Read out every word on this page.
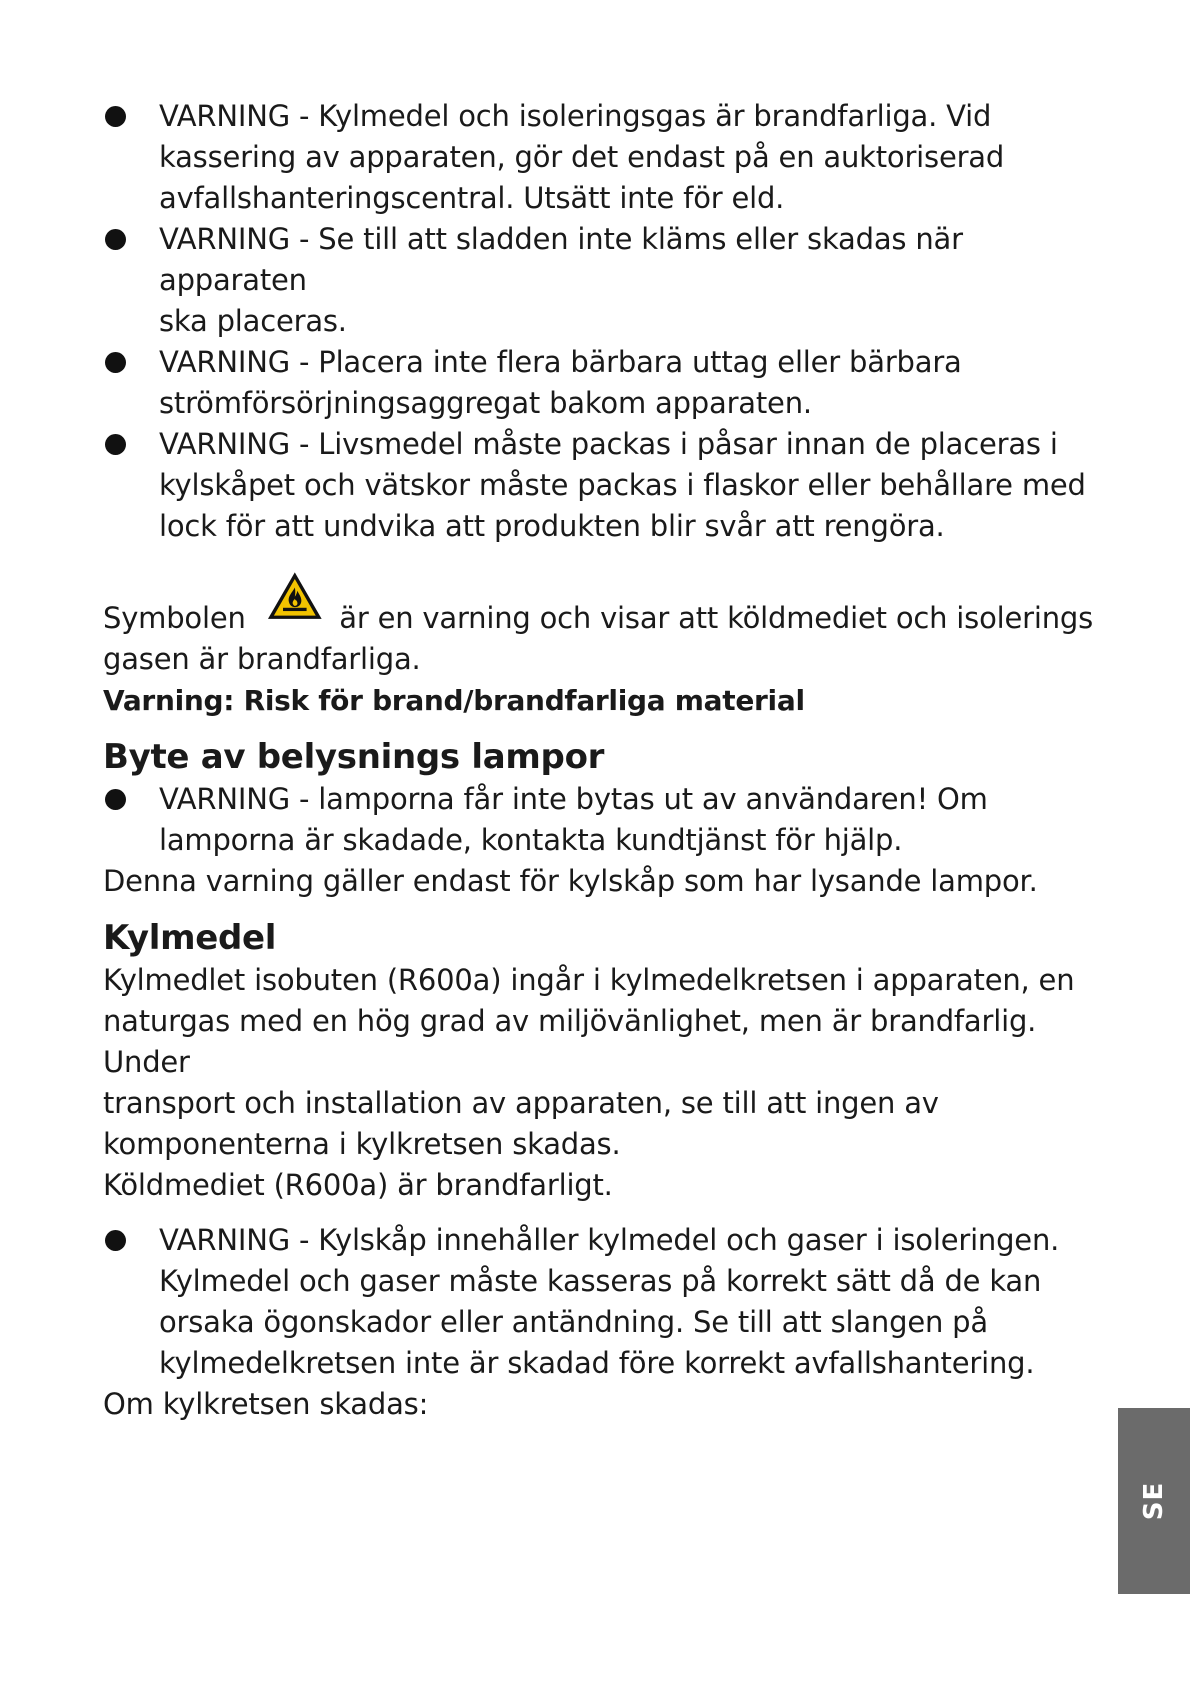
VARNING - Kylmedel och isoleringsgas är brandfarliga. Vid
kassering av apparaten, gör det endast på en auktoriserad
avfallshanteringscentral. Utsätt inte för eld.
VARNING - Se till att sladden inte kläms eller skadas när apparaten
ska placeras.
VARNING - Placera inte flera bärbara uttag eller bärbara
strömförsörjningsaggregat bakom apparaten.
VARNING - Livsmedel måste packas i påsar innan de placeras i
kylskåpet och vätskor måste packas i flaskor eller behållare med
lock för att undvika att produkten blir svår att rengöra.
Symbolen	är en varning och visar att köldmediet och isolerings
gasen är brandfarliga.
Varning: Risk för brand/brandfarliga material
Byte av belysnings lampor
VARNING - lamporna får inte bytas ut av användaren! Om
lamporna är skadade, kontakta kundtjänst för hjälp.
Denna varning gäller endast för kylskåp som har lysande lampor.
Kylmedel
Kylmedlet isobuten (R600a) ingår i kylmedelkretsen i apparaten, en
naturgas med en hög grad av miljövänlighet, men är brandfarlig. Under
transport och installation av apparaten, se till att ingen av
komponenterna i kylkretsen skadas.
Köldmediet (R600a) är brandfarligt.
VARNING - Kylskåp innehåller kylmedel och gaser i isoleringen.
Kylmedel och gaser måste kasseras på korrekt sätt då de kan
orsaka ögonskador eller antändning. Se till att slangen på
kylmedelkretsen inte är skadad före korrekt avfallshantering.
Om kylkretsen skadas:
SE
